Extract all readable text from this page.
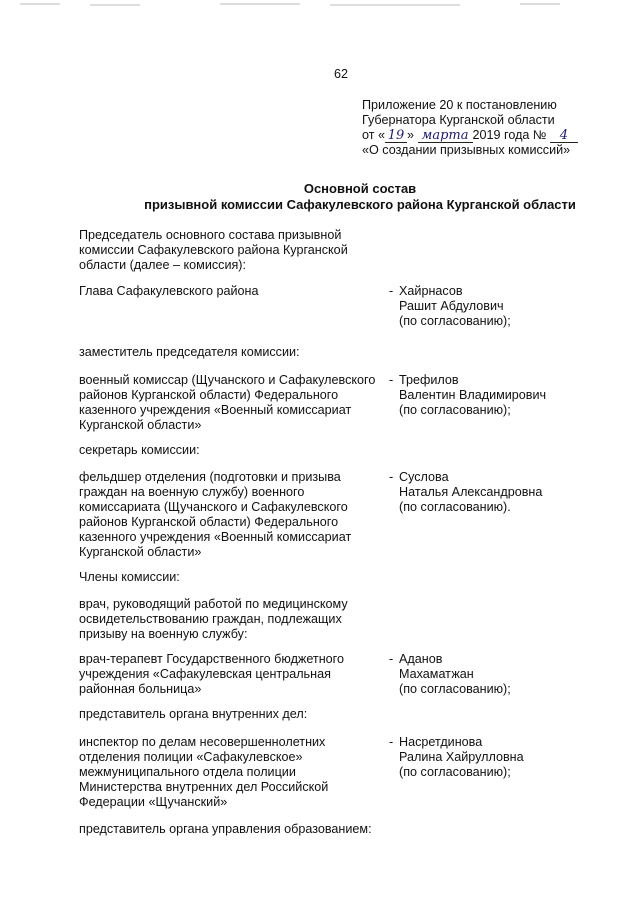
62
Приложение 20 к постановлению
Губернатора Курганской области
от « 19 » марта 2019 года № 4
«О создании призывных комиссий»
Основной состав
призывной комиссии Сафакулевского района Курганской области
Председатель основного состава призывной
комиссии Сафакулевского района Курганской
области (далее – комиссия):
Глава Сафакулевского района	- Хайрнасов
Рашит Абдулович
(по согласованию);
заместитель председателя комиссии:
военный комиссар (Щучанского и Сафакулевского
районов Курганской области) Федерального
казенного учреждения «Военный комиссариат
Курганской области»
- Трефилов
Валентин Владимирович
(по согласованию);
секретарь комиссии:
фельдшер отделения (подготовки и призыва
граждан на военную службу) военного
комиссариата (Щучанского и Сафакулевского
районов Курганской области) Федерального
казенного учреждения «Военный комиссариат
Курганской области»
- Суслова
Наталья Александровна
(по согласованию).
Члены комиссии:
врач, руководящий работой по медицинскому
освидетельствованию граждан, подлежащих
призыву на военную службу:
врач-терапевт Государственного бюджетного
учреждения «Сафакулевская центральная
районная больница»
- Аданов
Махаматжан
(по согласованию);
представитель органа внутренних дел:
инспектор по делам несовершеннолетних
отделения полиции «Сафакулевское»
межмуниципального отдела полиции
Министерства внутренних дел Российской
Федерации «Щучанский»
- Насретдинова
Ралина Хайрулловна
(по согласованию);
представитель органа управления образованием:
